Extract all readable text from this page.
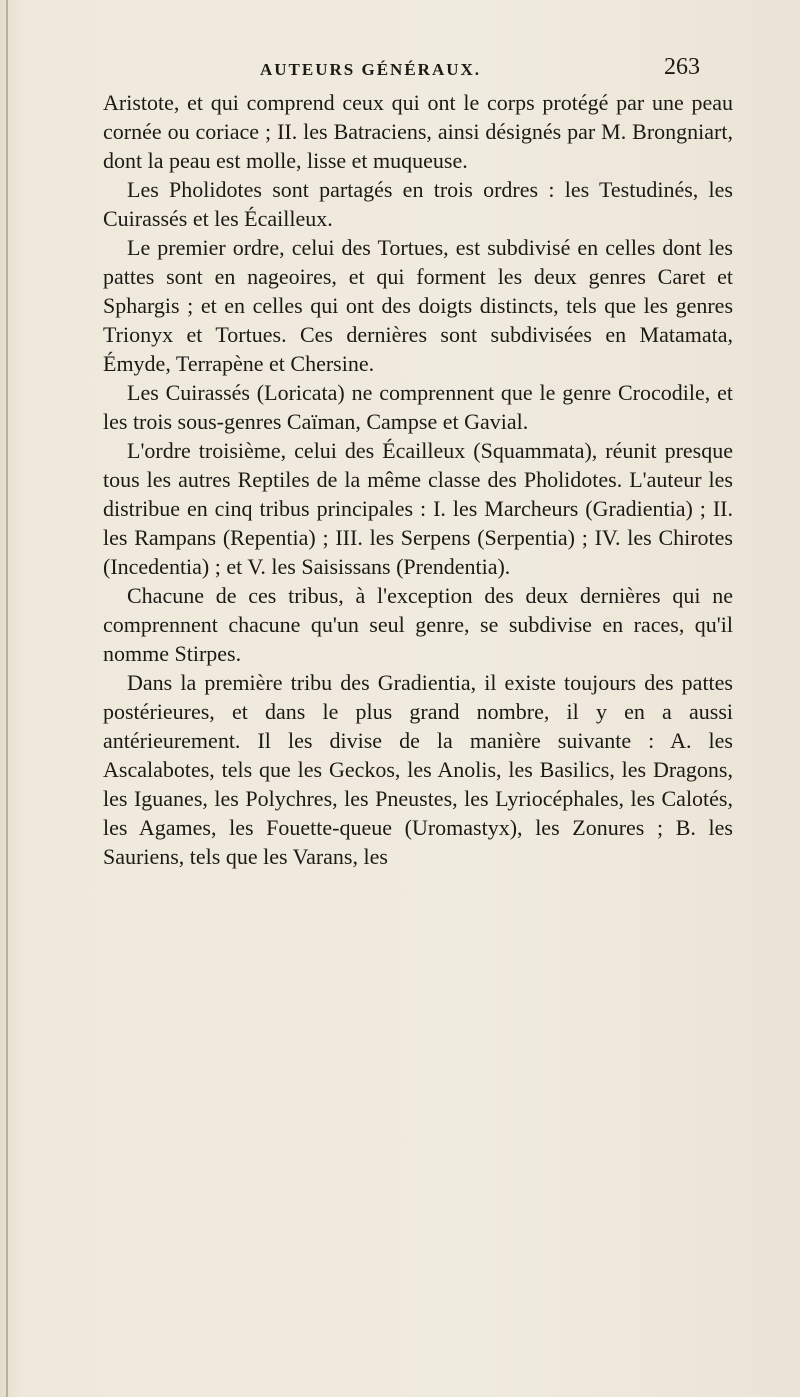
AUTEURS GÉNÉRAUX.	263

Aristote, et qui comprend ceux qui ont le corps protégé par une peau cornée ou coriace ; II. les Batraciens, ainsi désignés par M. Brongniart, dont la peau est molle, lisse et muqueuse.

Les Pholidotes sont partagés en trois ordres : les Testudinés, les Cuirassés et les Écailleux.

Le premier ordre, celui des Tortues, est subdivisé en celles dont les pattes sont en nageoires, et qui forment les deux genres Caret et Sphargis ; et en celles qui ont des doigts distincts, tels que les genres Trionyx et Tortues. Ces dernières sont subdivisées en Matamata, Émyde, Terrapène et Chersine.

Les Cuirassés (Loricata) ne comprennent que le genre Crocodile, et les trois sous-genres Caïman, Campse et Gavial.

L'ordre troisième, celui des Écailleux (Squammata), réunit presque tous les autres Reptiles de la même classe des Pholidotes. L'auteur les distribue en cinq tribus principales : I. les Marcheurs (Gradientia) ; II. les Rampans (Repentia) ; III. les Serpens (Serpentia) ; IV. les Chirotes (Incedentia) ; et V. les Saisissans (Prendentia).

Chacune de ces tribus, à l'exception des deux dernières qui ne comprennent chacune qu'un seul genre, se subdivise en races, qu'il nomme Stirpes.

Dans la première tribu des Gradientia, il existe toujours des pattes postérieures, et dans le plus grand nombre, il y en a aussi antérieurement. Il les divise de la manière suivante : A. les Ascalabotes, tels que les Geckos, les Anolis, les Basilics, les Dragons, les Iguanes, les Polychres, les Pneustes, les Lyriocéphales, les Calotés, les Agames, les Fouette-queue (Uromastyx), les Zonures ; B. les Sauriens, tels que les Varans, les
